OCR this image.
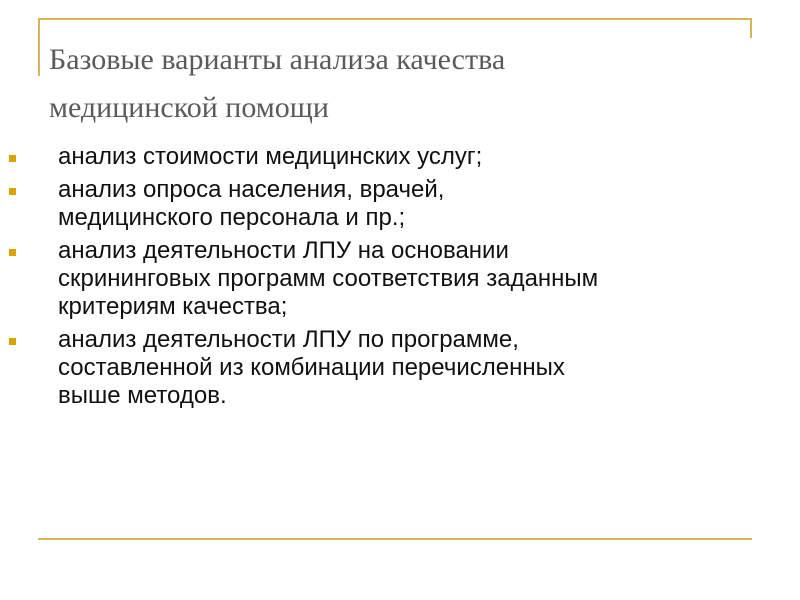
Базовые варианты анализа качества
медицинской помощи
анализ стоимости медицинских услуг;
анализ опроса населения, врачей,
медицинского персонала и пр.;
анализ деятельности ЛПУ на основании
скрининговых программ соответствия заданным
критериям качества;
анализ деятельности ЛПУ по программе,
составленной из комбинации перечисленных
выше методов.
